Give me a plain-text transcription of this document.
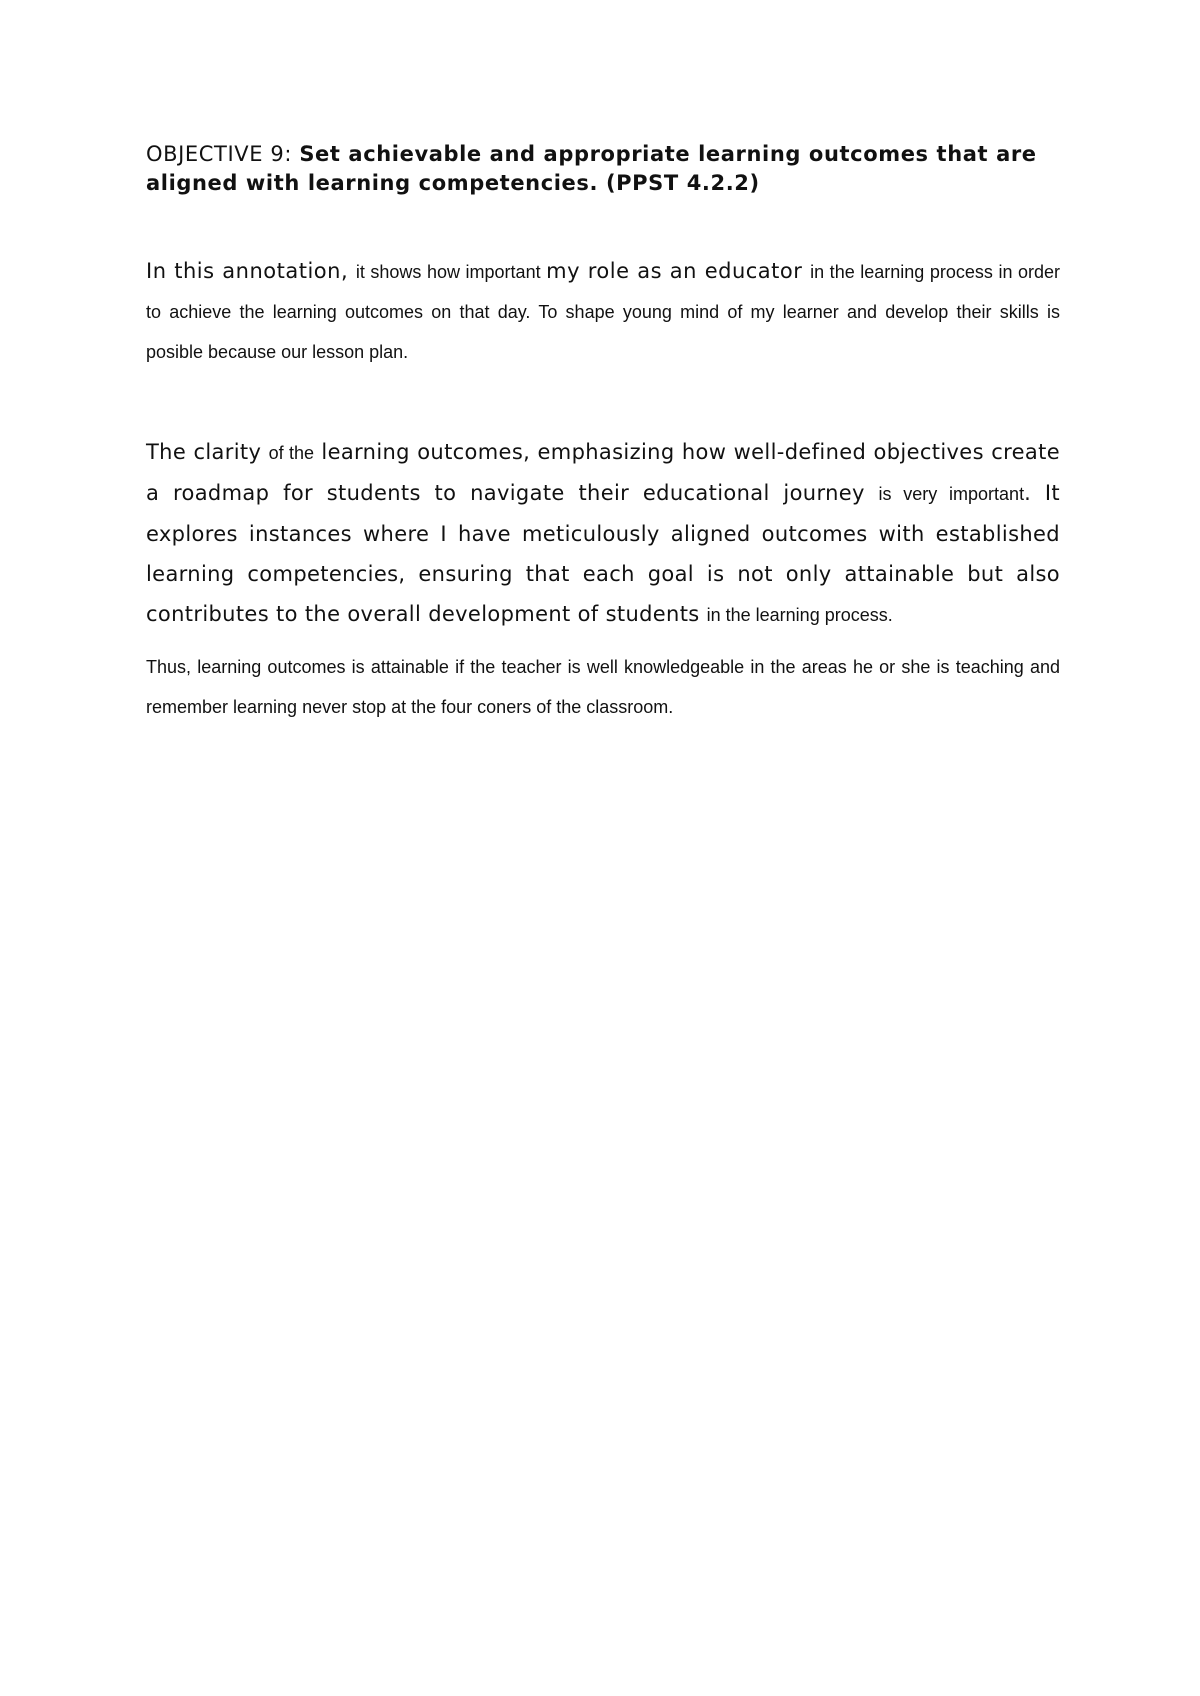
OBJECTIVE 9: Set achievable and appropriate learning outcomes that are aligned with learning competencies. (PPST 4.2.2)

In this annotation, it shows how important my role as an educator in the learning process in order to achieve the learning outcomes on that day. To shape young mind of my learner and develop their skills is posible because our lesson plan.

The clarity of the learning outcomes, emphasizing how well-defined objectives create a roadmap for students to navigate their educational journey is very important. It explores instances where I have meticulously aligned outcomes with established learning competencies, ensuring that each goal is not only attainable but also contributes to the overall development of students in the learning process.

Thus, learning outcomes is attainable if the teacher is well knowledgeable in the areas he or she is teaching and remember learning never stop at the four coners of the classroom.
